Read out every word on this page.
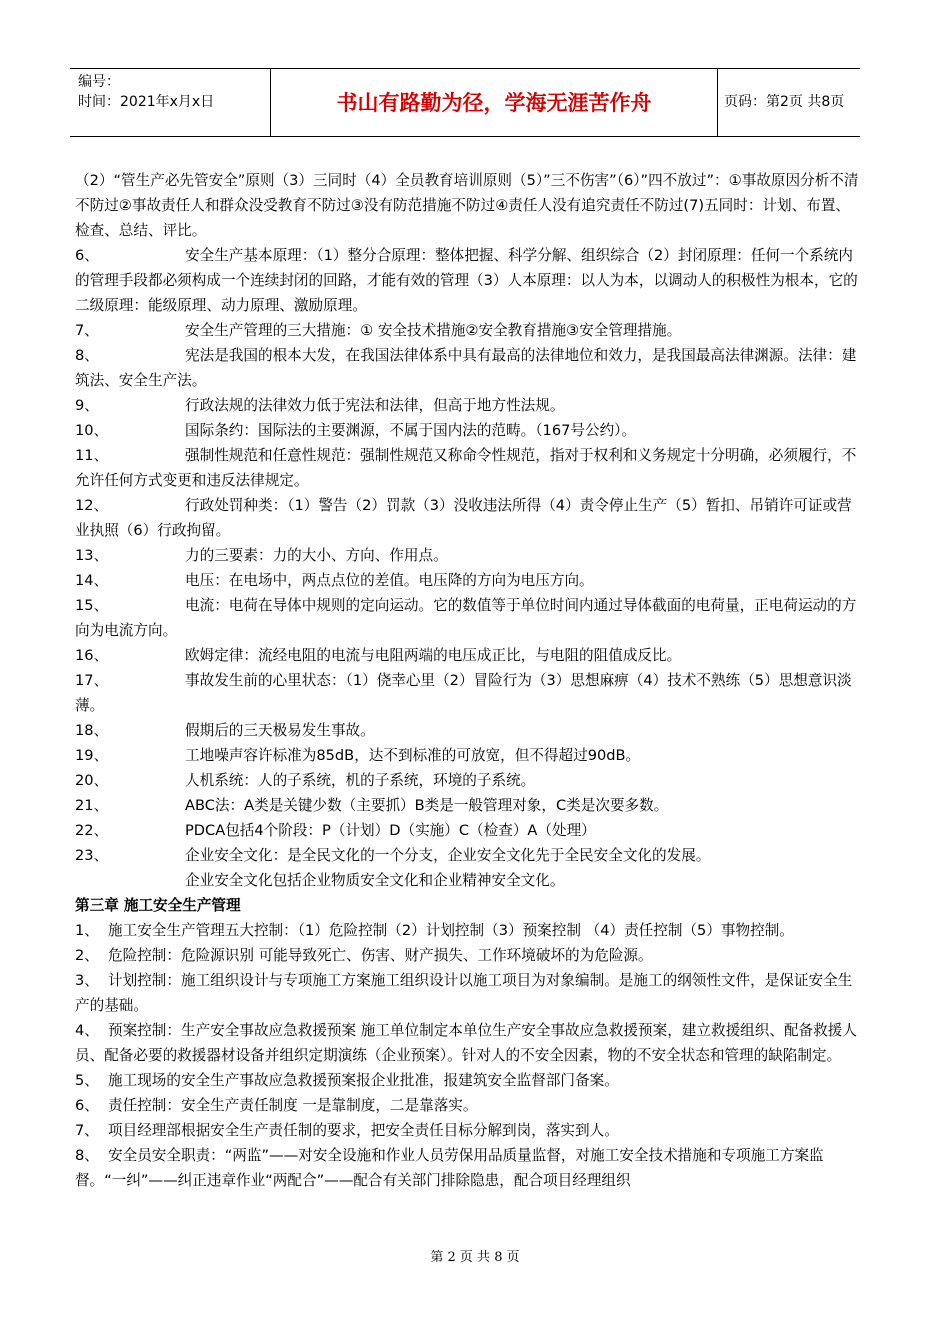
编号：
时间：2021年x月x日	书山有路勤为径，学海无涯苦作舟	页码：第2页 共8页
（2）“管生产必先管安全”原则（3）三同时（4）全员教育培训原则（5）”三不伤害”（6）”四不放过”：①事故原因分析不清不防过②事故责任人和群众没受教育不防过③没有防范措施不防过④责任人没有追究责任不防过(7)五同时：计划、布置、检查、总结、评比。
6、	安全生产基本原理：（1）整分合原理：整体把握、科学分解、组织综合（2）封闭原理：任何一个系统内的管理手段都必须构成一个连续封闭的回路，才能有效的管理（3）人本原理：以人为本，以调动人的积极性为根本，它的二级原理：能级原理、动力原理、激励原理。
7、	安全生产管理的三大措施：① 安全技术措施②安全教育措施③安全管理措施。
8、	宪法是我国的根本大发，在我国法律体系中具有最高的法律地位和效力，是我国最高法律渊源。法律：建筑法、安全生产法。
9、	行政法规的法律效力低于宪法和法律，但高于地方性法规。
10、	国际条约：国际法的主要渊源，不属于国内法的范畴。（167号公约）。
11、	强制性规范和任意性规范：强制性规范又称命令性规范，指对于权利和义务规定十分明确，必须履行，不允许任何方式变更和违反法律规定。
12、	行政处罚种类：（1）警告（2）罚款（3）没收违法所得（4）责令停止生产（5）暂扣、吊销许可证或营业执照（6）行政拘留。
13、	力的三要素：力的大小、方向、作用点。
14、	电压：在电场中，两点点位的差值。电压降的方向为电压方向。
15、	电流：电荷在导体中规则的定向运动。它的数值等于单位时间内通过导体截面的电荷量，正电荷运动的方向为电流方向。
16、	欧姆定律：流经电阻的电流与电阻两端的电压成正比，与电阻的阻值成反比。
17、	事故发生前的心里状态：（1）侥幸心里（2）冒险行为（3）思想麻痹（4）技术不熟练（5）思想意识淡薄。
18、	假期后的三天极易发生事故。
19、	工地噪声容许标准为85dB，达不到标准的可放宽，但不得超过90dB。
20、	人机系统：人的子系统，机的子系统，环境的子系统。
21、	ABC法：A类是关键少数（主要抓）B类是一般管理对象，C类是次要多数。
22、	PDCA包括4个阶段：P（计划）D（实施）C（检查）A（处理）
23、	企业安全文化：是全民文化的一个分支，企业安全文化先于全民安全文化的发展。
企业安全文化包括企业物质安全文化和企业精神安全文化。
第三章 施工安全生产管理
1、 施工安全生产管理五大控制：（1）危险控制（2）计划控制（3）预案控制 （4）责任控制（5）事物控制。
2、 危险控制：危险源识别 可能导致死亡、伤害、财产损失、工作环境破坏的为危险源。
3、 计划控制：施工组织设计与专项施工方案施工组织设计以施工项目为对象编制。是施工的纲领性文件，是保证安全生产的基础。
4、 预案控制：生产安全事故应急救援预案 施工单位制定本单位生产安全事故应急救援预案，建立救援组织、配备救援人员、配备必要的救援器材设备并组织定期演练（企业预案）。针对人的不安全因素，物的不安全状态和管理的缺陷制定。
5、 施工现场的安全生产事故应急救援预案报企业批准，报建筑安全监督部门备案。
6、 责任控制：安全生产责任制度 一是靠制度，二是靠落实。
7、 项目经理部根据安全生产责任制的要求，把安全责任目标分解到岗，落实到人。
8、 安全员安全职责：“两监”——对安全设施和作业人员劳保用品质量监督，对施工安全技术措施和专项施工方案监督。“一纠”——纠正违章作业“两配合”——配合有关部门排除隐患，配合项目经理组织
第 2 页 共 8 页
